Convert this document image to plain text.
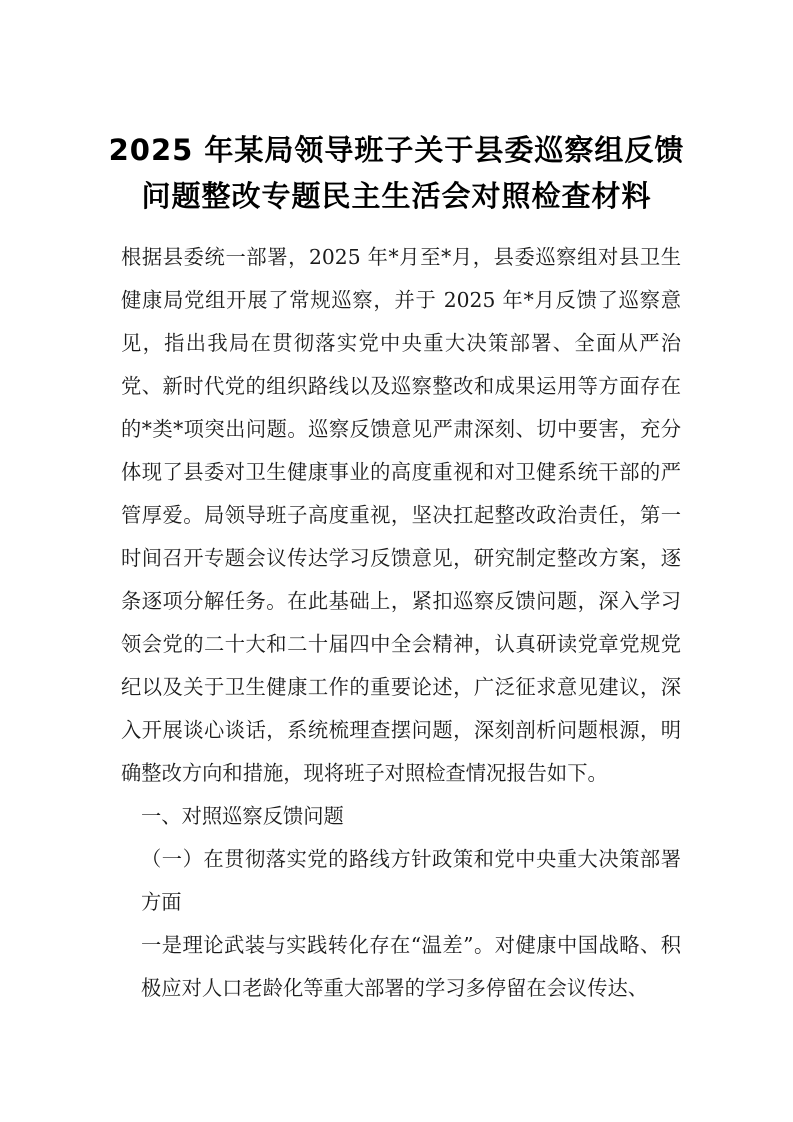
2025 年某局领导班子关于县委巡察组反馈
问题整改专题民主生活会对照检查材料

根据县委统一部署，2025 年*月至*月，县委巡察组对县卫生健康局党组开展了常规巡察，并于 2025 年*月反馈了巡察意见，指出我局在贯彻落实党中央重大决策部署、全面从严治党、新时代党的组织路线以及巡察整改和成果运用等方面存在的*类*项突出问题。巡察反馈意见严肃深刻、切中要害，充分体现了县委对卫生健康事业的高度重视和对卫健系统干部的严管厚爱。局领导班子高度重视，坚决扛起整改政治责任，第一时间召开专题会议传达学习反馈意见，研究制定整改方案，逐条逐项分解任务。在此基础上，紧扣巡察反馈问题，深入学习领会党的二十大和二十届四中全会精神，认真研读党章党规党纪以及关于卫生健康工作的重要论述，广泛征求意见建议，深入开展谈心谈话，系统梳理查摆问题，深刻剖析问题根源，明确整改方向和措施，现将班子对照检查情况报告如下。

一、对照巡察反馈问题

（一）在贯彻落实党的路线方针政策和党中央重大决策部署方面

一是理论武装与实践转化存在“温差”。对健康中国战略、积极应对人口老龄化等重大部署的学习多停留在会议传达、
